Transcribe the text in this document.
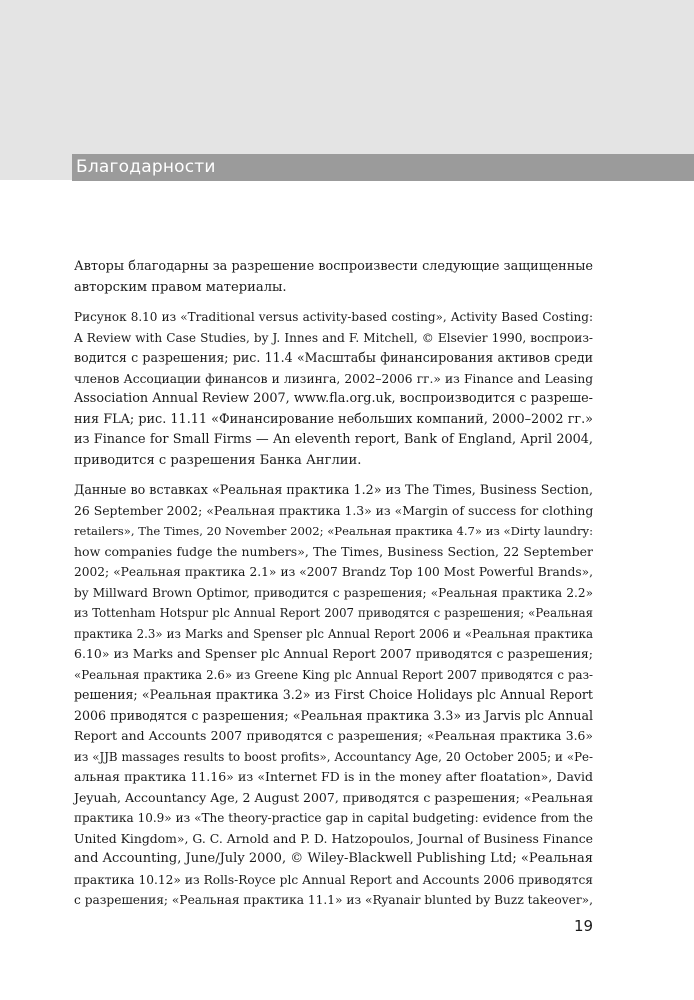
Благодарности
Авторы благодарны за разрешение воспроизвести следующие защищенные
авторским правом материалы.
Рисунок 8.10 из «Traditional versus activity-based costing», Activity Based Costing:
A Review with Case Studies, by J. Innes and F. Mitchell, © Elsevier 1990, воспроиз-
водится с разрешения; рис. 11.4 «Масштабы финансирования активов среди
членов Ассоциации финансов и лизинга, 2002–2006 гг.» из Finance and Leasing
Association Annual Review 2007, www.fla.org.uk, воспроизводится с разреше-
ния FLA; рис. 11.11 «Финансирование небольших компаний, 2000–2002 гг.»
из Finance for Small Firms — An eleventh report, Bank of England, April 2004,
приводится с разрешения Банка Англии.
Данные во вставках «Реальная практика 1.2» из The Times, Business Section,
26 September 2002; «Реальная практика 1.3» из «Margin of success for clothing
retailers», The Times, 20 November 2002; «Реальная практика 4.7» из «Dirty laundry:
how companies fudge the numbers», The Times, Business Section, 22 September
2002; «Реальная практика 2.1» из «2007 Brandz Top 100 Most Powerful Brands»,
by Millward Brown Optimor, приводится с разрешения; «Реальная практика 2.2»
из Tottenham Hotspur plc Annual Report 2007 приводятся с разрешения; «Реальная
практика 2.3» из Marks and Spenser plc Annual Report 2006 и «Реальная практика
6.10» из Marks and Spenser plc Annual Report 2007 приводятся с разрешения;
«Реальная практика 2.6» из Greene King plc Annual Report 2007 приводятся с раз-
решения; «Реальная практика 3.2» из First Choice Holidays plc Annual Report
2006 приводятся с разрешения; «Реальная практика 3.3» из Jarvis plc Annual
Report and Accounts 2007 приводятся с разрешения; «Реальная практика 3.6»
из «JJB massages results to boost profits», Accountancy Age, 20 October 2005; и «Ре-
альная практика 11.16» из «Internet FD is in the money after floatation», David
Jeyuah, Accountancy Age, 2 August 2007, приводятся с разрешения; «Реальная
практика 10.9» из «The theory-practice gap in capital budgeting: evidence from the
United Kingdom», G. C. Arnold and P. D. Hatzopoulos, Journal of Business Finance
and Accounting, June/July 2000, © Wiley-Blackwell Publishing Ltd; «Реальная
практика 10.12» из Rolls-Royce plc Annual Report and Accounts 2006 приводятся
с разрешения; «Реальная практика 11.1» из «Ryanair blunted by Buzz takeover»,
19
